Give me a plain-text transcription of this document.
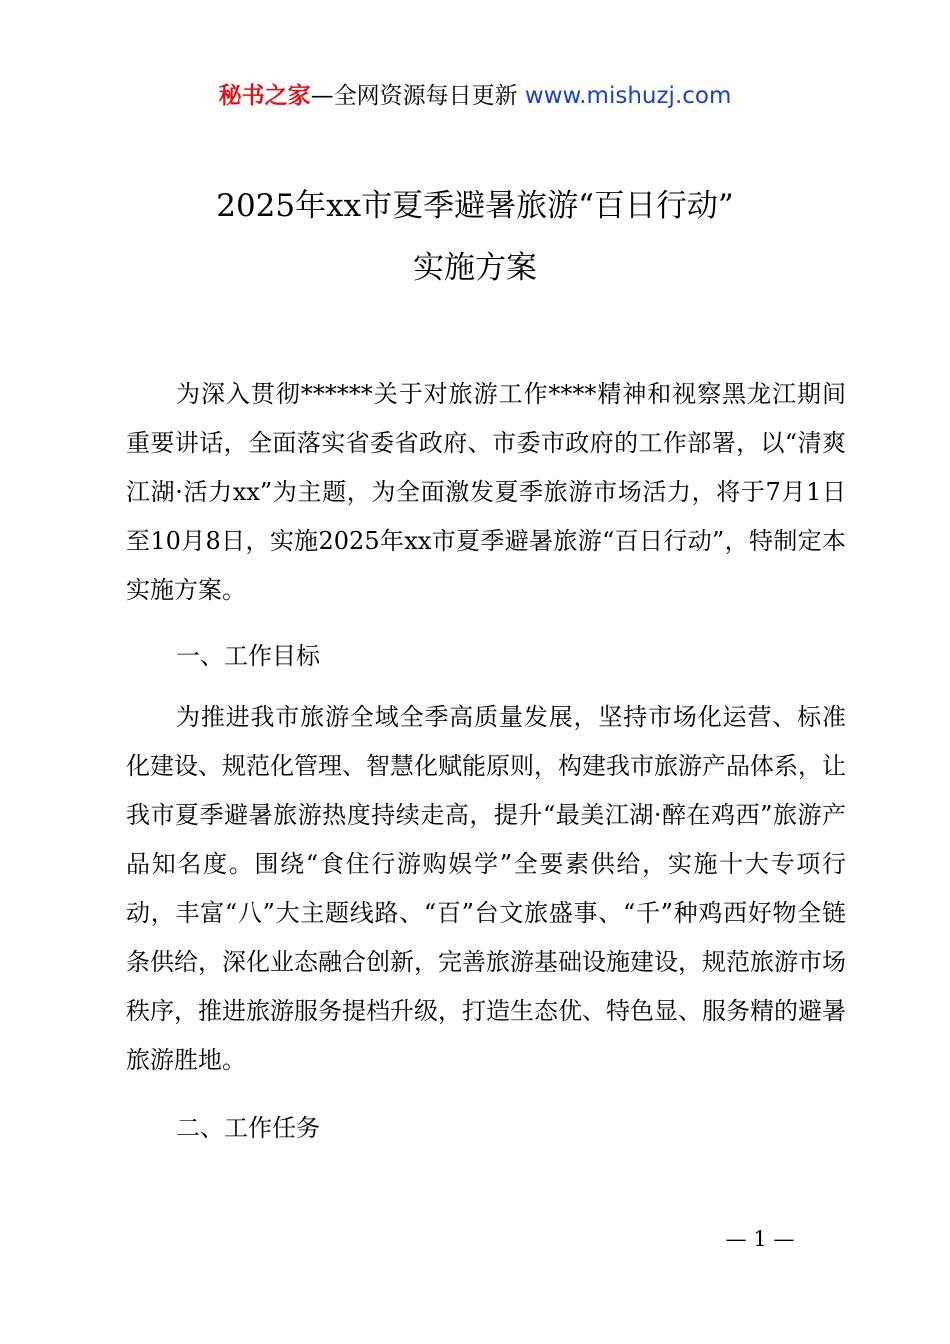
秘书之家—全网资源每日更新 www.mishuzj.com
2025年xx市夏季避暑旅游“百日行动”
实施方案

为深入贯彻******关于对旅游工作****精神和视察黑龙江期间重要讲话，全面落实省委省政府、市委市政府的工作部署，以“清爽江湖·活力xx”为主题，为全面激发夏季旅游市场活力，将于7月1日至10月8日，实施2025年xx市夏季避暑旅游“百日行动”，特制定本实施方案。

一、工作目标

为推进我市旅游全域全季高质量发展，坚持市场化运营、标准化建设、规范化管理、智慧化赋能原则，构建我市旅游产品体系，让我市夏季避暑旅游热度持续走高，提升“最美江湖·醉在鸡西”旅游产品知名度。围绕“食住行游购娱学”全要素供给，实施十大专项行动，丰富“八”大主题线路、“百”台文旅盛事、“千”种鸡西好物全链条供给，深化业态融合创新，完善旅游基础设施建设，规范旅游市场秩序，推进旅游服务提档升级，打造生态优、特色显、服务精的避暑旅游胜地。

二、工作任务
— 1 —
